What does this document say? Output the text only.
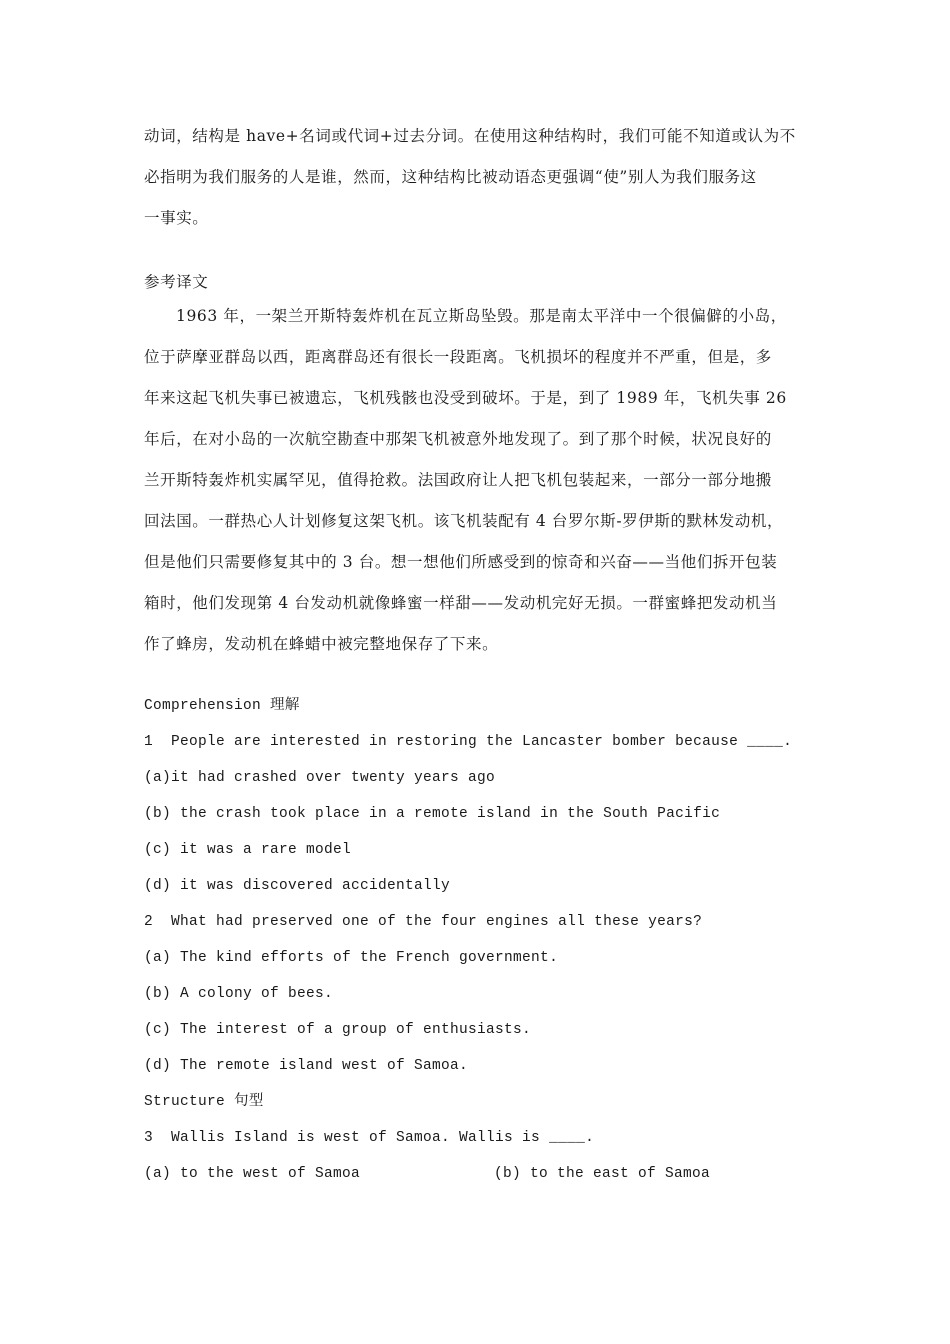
动词，结构是 have+名词或代词+过去分词。在使用这种结构时，我们可能不知道或认为不
必指明为我们服务的人是谁，然而，这种结构比被动语态更强调“使”别人为我们服务这
一事实。
参考译文
1963 年，一架兰开斯特轰炸机在瓦立斯岛坠毁。那是南太平洋中一个很偏僻的小岛，
位于萨摩亚群岛以西，距离群岛还有很长一段距离。飞机损坏的程度并不严重，但是，多
年来这起飞机失事已被遗忘，飞机残骸也没受到破坏。于是，到了 1989 年，飞机失事 26
年后，在对小岛的一次航空勘查中那架飞机被意外地发现了。到了那个时候，状况良好的
兰开斯特轰炸机实属罕见，值得抢救。法国政府让人把飞机包装起来，一部分一部分地搬
回法国。一群热心人计划修复这架飞机。该飞机装配有 4 台罗尔斯-罗伊斯的默林发动机，
但是他们只需要修复其中的 3 台。想一想他们所感受到的惊奇和兴奋——当他们拆开包装
箱时，他们发现第 4 台发动机就像蜂蜜一样甜——发动机完好无损。一群蜜蜂把发动机当
作了蜂房，发动机在蜂蜡中被完整地保存了下来。
Comprehension 理解
1  People are interested in restoring the Lancaster bomber because ____.
(a)it had crashed over twenty years ago
(b) the crash took place in a remote island in the South Pacific
(c) it was a rare model
(d) it was discovered accidentally
2  What had preserved one of the four engines all these years?
(a) The kind efforts of the French government.
(b) A colony of bees.
(c) The interest of a group of enthusiasts.
(d) The remote island west of Samoa.
Structure 句型
3  Wallis Island is west of Samoa. Wallis is ____.
(a) to the west of Samoa	(b) to the east of Samoa
